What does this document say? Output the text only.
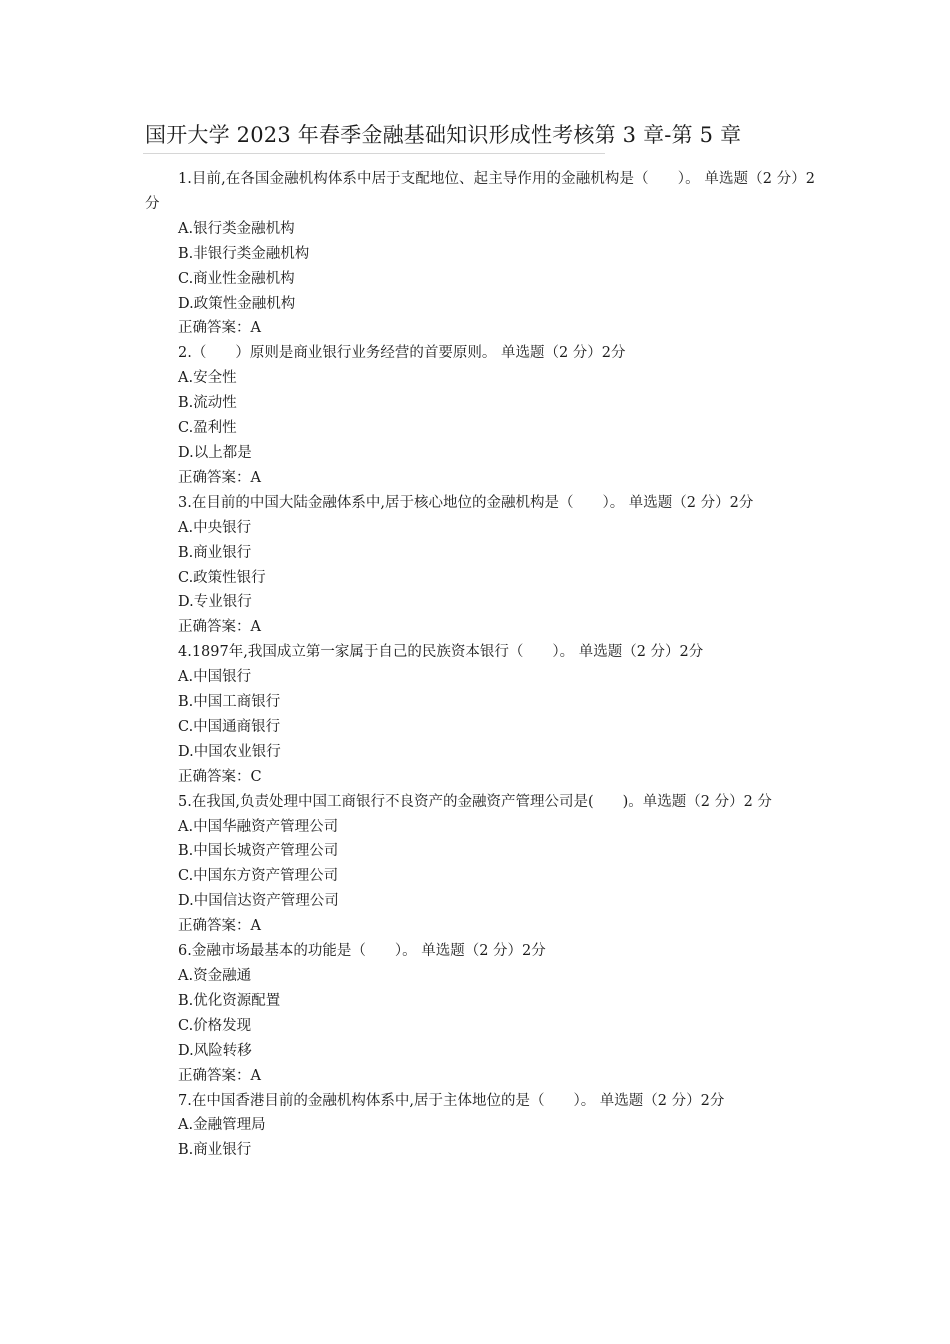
国开大学 2023 年春季金融基础知识形成性考核第 3 章-第 5 章
1.目前,在各国金融机构体系中居于支配地位、起主导作用的金融机构是（　　）。 单选题（2 分）2分
A.银行类金融机构
B.非银行类金融机构
C.商业性金融机构
D.政策性金融机构
正确答案：A
2.（　　）原则是商业银行业务经营的首要原则。 单选题（2 分）2分
A.安全性
B.流动性
C.盈利性
D.以上都是
正确答案：A
3.在目前的中国大陆金融体系中,居于核心地位的金融机构是（　　）。 单选题（2 分）2分
A.中央银行
B.商业银行
C.政策性银行
D.专业银行
正确答案：A
4.1897年,我国成立第一家属于自己的民族资本银行（　　）。 单选题（2 分）2分
A.中国银行
B.中国工商银行
C.中国通商银行
D.中国农业银行
正确答案：C
5.在我国,负责处理中国工商银行不良资产的金融资产管理公司是(　　)。单选题（2 分）2 分
A.中国华融资产管理公司
B.中国长城资产管理公司
C.中国东方资产管理公司
D.中国信达资产管理公司
正确答案：A
6.金融市场最基本的功能是（　　）。 单选题（2 分）2分
A.资金融通
B.优化资源配置
C.价格发现
D.风险转移
正确答案：A
7.在中国香港目前的金融机构体系中,居于主体地位的是（　　）。 单选题（2 分）2分
A.金融管理局
B.商业银行
